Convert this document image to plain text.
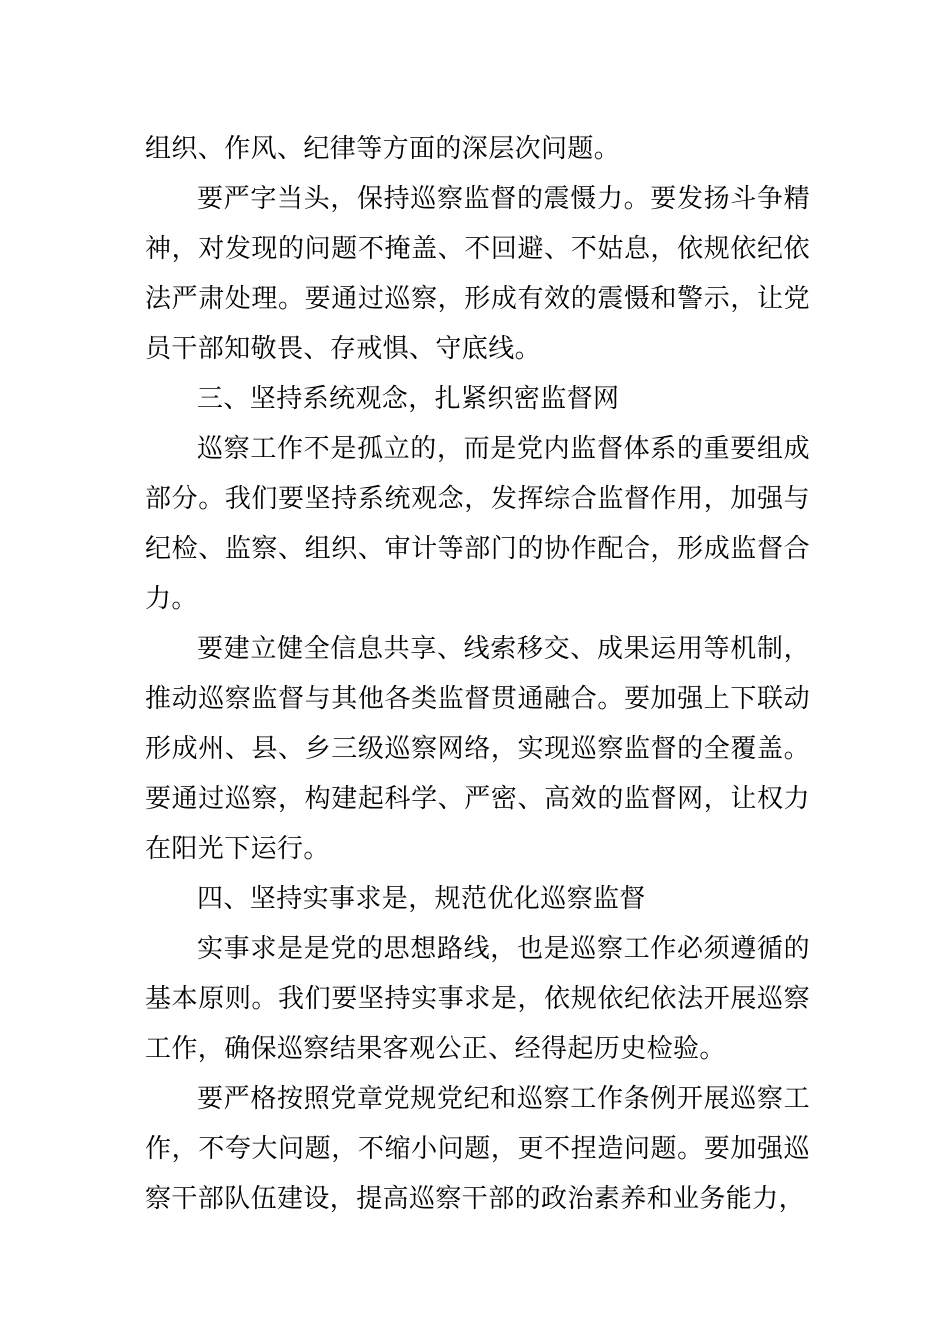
组织、作风、纪律等方面的深层次问题。

要严字当头，保持巡察监督的震慑力。要发扬斗争精神，对发现的问题不掩盖、不回避、不姑息，依规依纪依法严肃处理。要通过巡察，形成有效的震慑和警示，让党员干部知敬畏、存戒惧、守底线。

三、坚持系统观念，扎紧织密监督网

巡察工作不是孤立的，而是党内监督体系的重要组成部分。我们要坚持系统观念，发挥综合监督作用，加强与纪检、监察、组织、审计等部门的协作配合，形成监督合力。

要建立健全信息共享、线索移交、成果运用等机制，推动巡察监督与其他各类监督贯通融合。要加强上下联动形成州、县、乡三级巡察网络，实现巡察监督的全覆盖。要通过巡察，构建起科学、严密、高效的监督网，让权力在阳光下运行。

四、坚持实事求是，规范优化巡察监督

实事求是是党的思想路线，也是巡察工作必须遵循的基本原则。我们要坚持实事求是，依规依纪依法开展巡察工作，确保巡察结果客观公正、经得起历史检验。

要严格按照党章党规党纪和巡察工作条例开展巡察工作，不夸大问题，不缩小问题，更不捏造问题。要加强巡察干部队伍建设，提高巡察干部的政治素养和业务能力，
